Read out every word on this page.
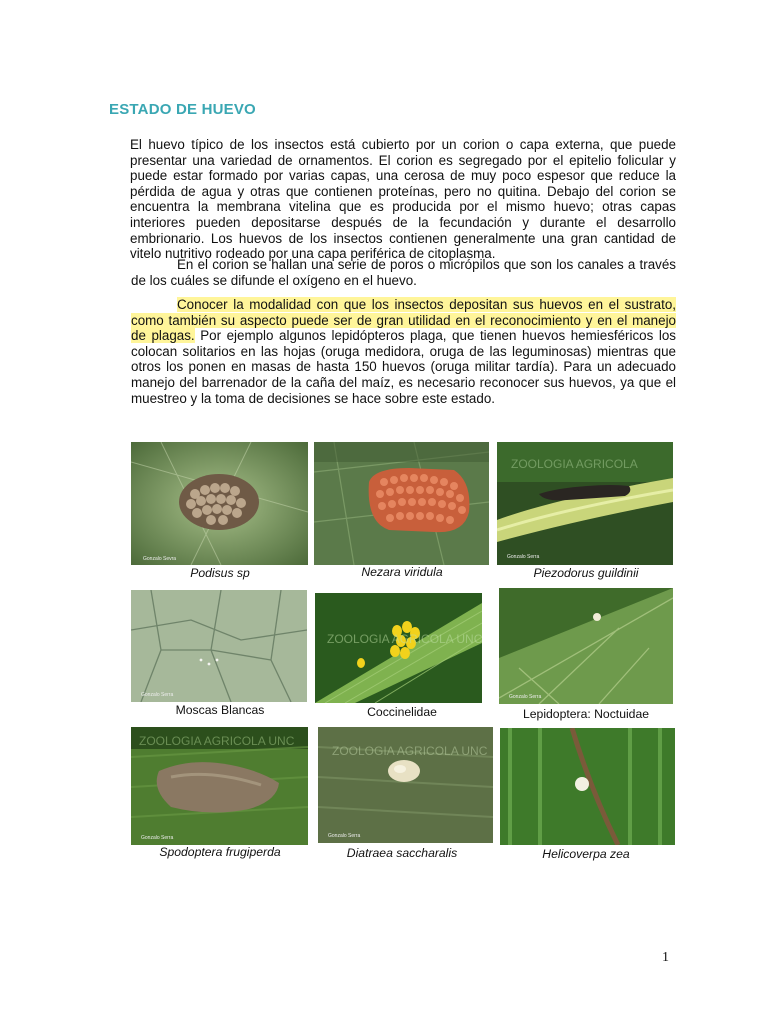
ESTADO DE HUEVO
El huevo típico de los insectos está cubierto por un corion o capa externa, que puede presentar una variedad de ornamentos. El corion es segregado por el epitelio folicular y puede estar formado por varias capas, una cerosa de muy poco espesor que reduce la pérdida de agua y otras que contienen proteínas, pero no quitina. Debajo del corion se encuentra la membrana vitelina que es producida por el mismo huevo; otras capas interiores pueden depositarse después de la fecundación y durante el desarrollo embrionario. Los huevos de los insectos contienen generalmente una gran cantidad de vitelo nutritivo rodeado por una capa periférica de citoplasma.
En el corion se hallan una serie de poros o micrópilos que son los canales a través de los cuáles se difunde el oxígeno en el huevo.
Conocer la modalidad con que los insectos depositan sus huevos en el sustrato, como también su aspecto puede ser de gran utilidad en el reconocimiento y en el manejo de plagas. Por ejemplo algunos lepidópteros plaga, que tienen huevos hemiesféricos los colocan solitarios en las hojas (oruga medidora, oruga de las leguminosas) mientras que otros los ponen en masas de hasta 150 huevos (oruga militar tardía). Para un adecuado manejo del barrenador de la caña del maíz, es necesario reconocer sus huevos, ya que el muestreo y la toma de decisiones se hace sobre este estado.
Gonzalo Sevra
ZOOLOGIA AGRICOLA
Gonzalo Serra
Gonzalo Serra
ZOOLOGIA AGRICOLA UNC
Gonzalo Serra
ZOOLOGIA AGRICOLA UNC
Gonzalo Serra
ZOOLOGIA AGRICOLA UNC
Gonzalo Serra
Podisus sp	Nezara viridula	Piezodorus guildinii
Moscas Blancas	Coccinelidae	Lepidoptera: Noctuidae
Spodoptera frugiperda	Diatraea saccharalis	Helicoverpa zea
1
